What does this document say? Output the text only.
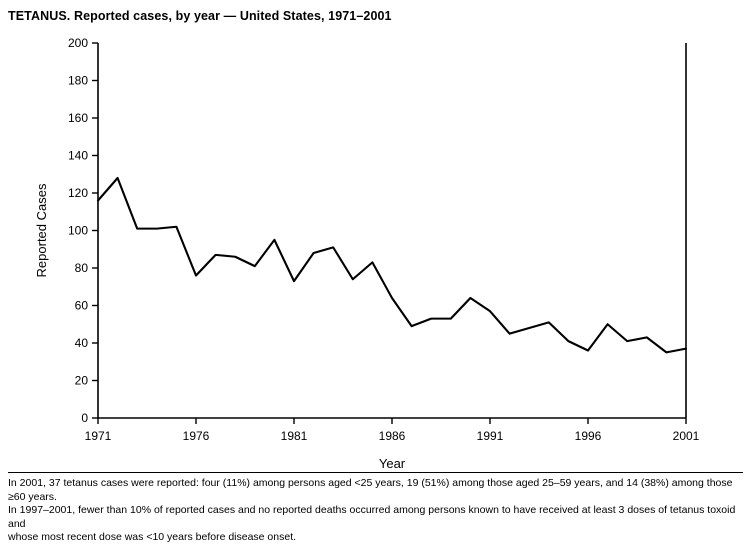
TETANUS. Reported cases, by year — United States, 1971–2001
0
20
40
60
80
100
120
140
160
180
200
1971	1976	1981	1986	1991	1996	2001
Year
Reported Cases

In 2001, 37 tetanus cases were reported: four (11%) among persons aged <25 years, 19 (51%) among those aged 25–59 years, and 14 (38%) among those ≥60 years.

In 1997–2001, fewer than 10% of reported cases and no reported deaths occurred among persons known to have received at least 3 doses of tetanus toxoid and

whose most recent dose was <10 years before disease onset.
